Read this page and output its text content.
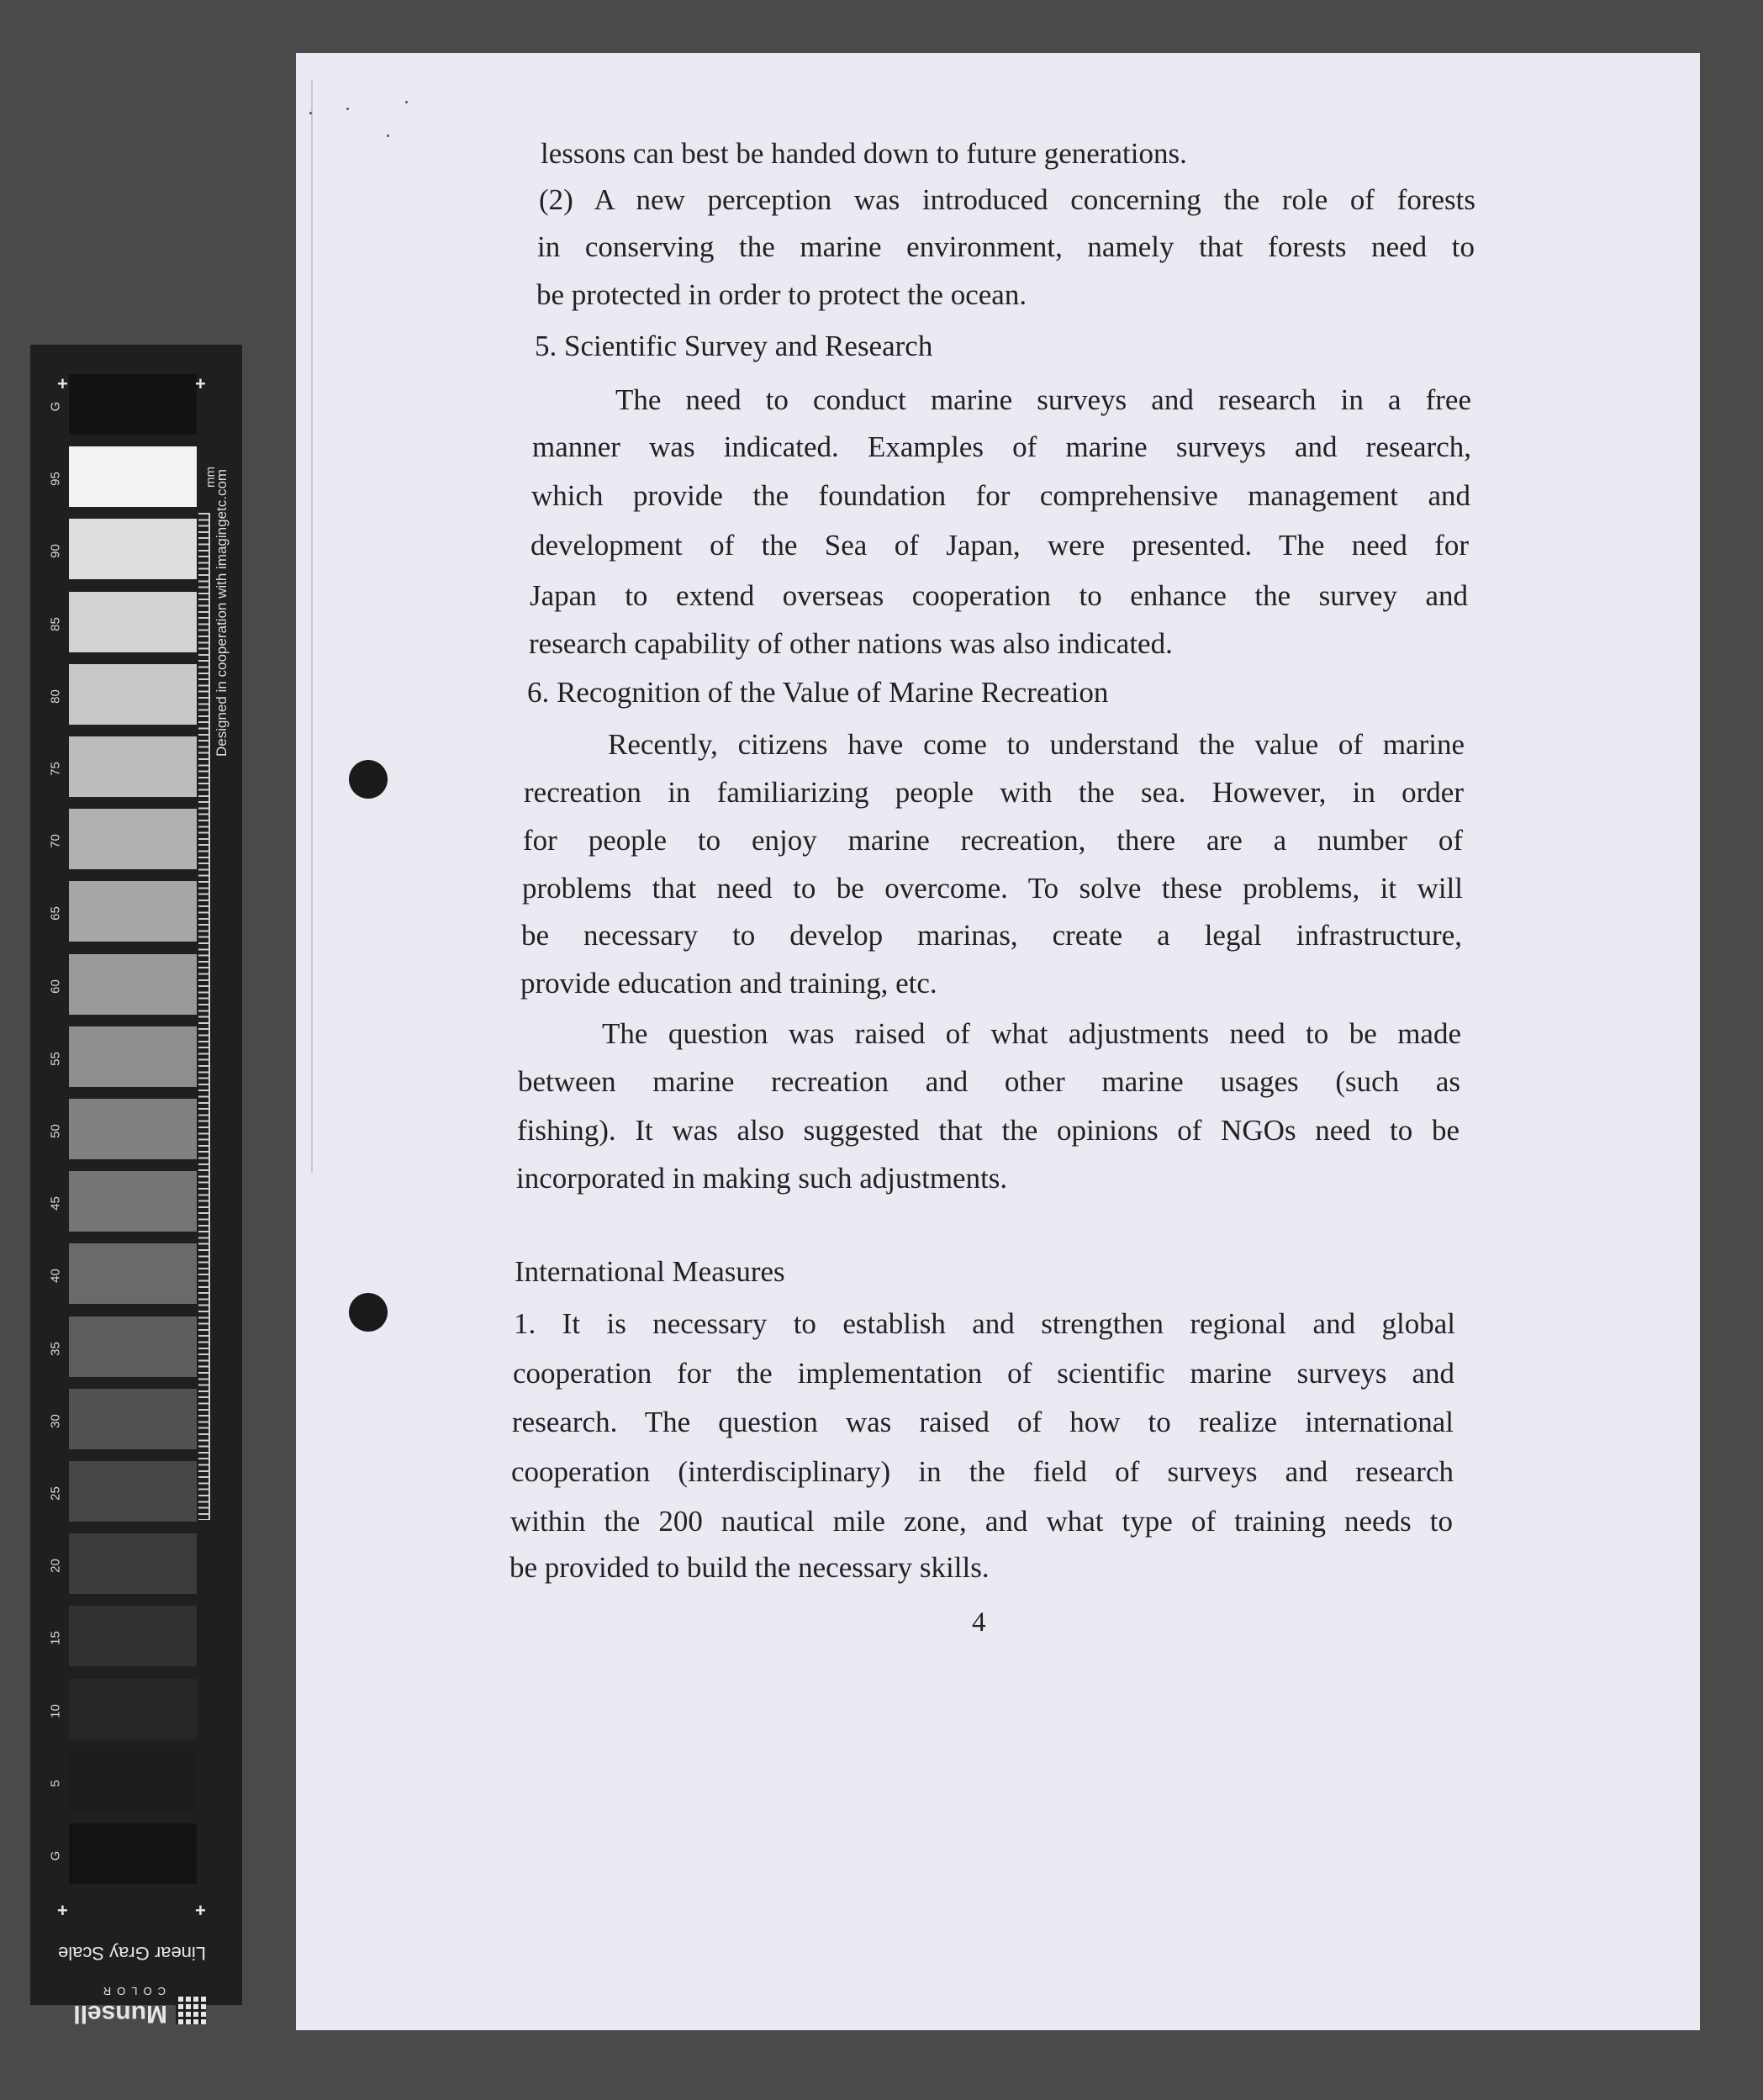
G
95
90
85
80
75
70
65
60
55
50
45
40
35
30
25
20
15
10
5
G
+	+
+	+
mm
Designed in cooperation with imagingetc.com
Linear Gray Scale
Munsell
COLOR
lessons can best be handed down to future generations.
(2) A new perception was introduced concerning the role of forests
in conserving the marine environment, namely that forests need to
be protected in order to protect the ocean.
5. Scientific Survey and Research
The need to conduct marine surveys and research in a free
manner was indicated. Examples of marine surveys and research,
which provide the foundation for comprehensive management and
development of the Sea of Japan, were presented. The need for
Japan to extend overseas cooperation to enhance the survey and
research capability of other nations was also indicated.
6. Recognition of the Value of Marine Recreation
Recently, citizens have come to understand the value of marine
recreation in familiarizing people with the sea. However, in order
for people to enjoy marine recreation, there are a number of
problems that need to be overcome. To solve these problems, it will
be necessary to develop marinas, create a legal infrastructure,
provide education and training, etc.
The question was raised of what adjustments need to be made
between marine recreation and other marine usages (such as
fishing). It was also suggested that the opinions of NGOs need to be
incorporated in making such adjustments.
International Measures
1. It is necessary to establish and strengthen regional and global
cooperation for the implementation of scientific marine surveys and
research. The question was raised of how to realize international
cooperation (interdisciplinary) in the field of surveys and research
within the 200 nautical mile zone, and what type of training needs to
be provided to build the necessary skills.
4
